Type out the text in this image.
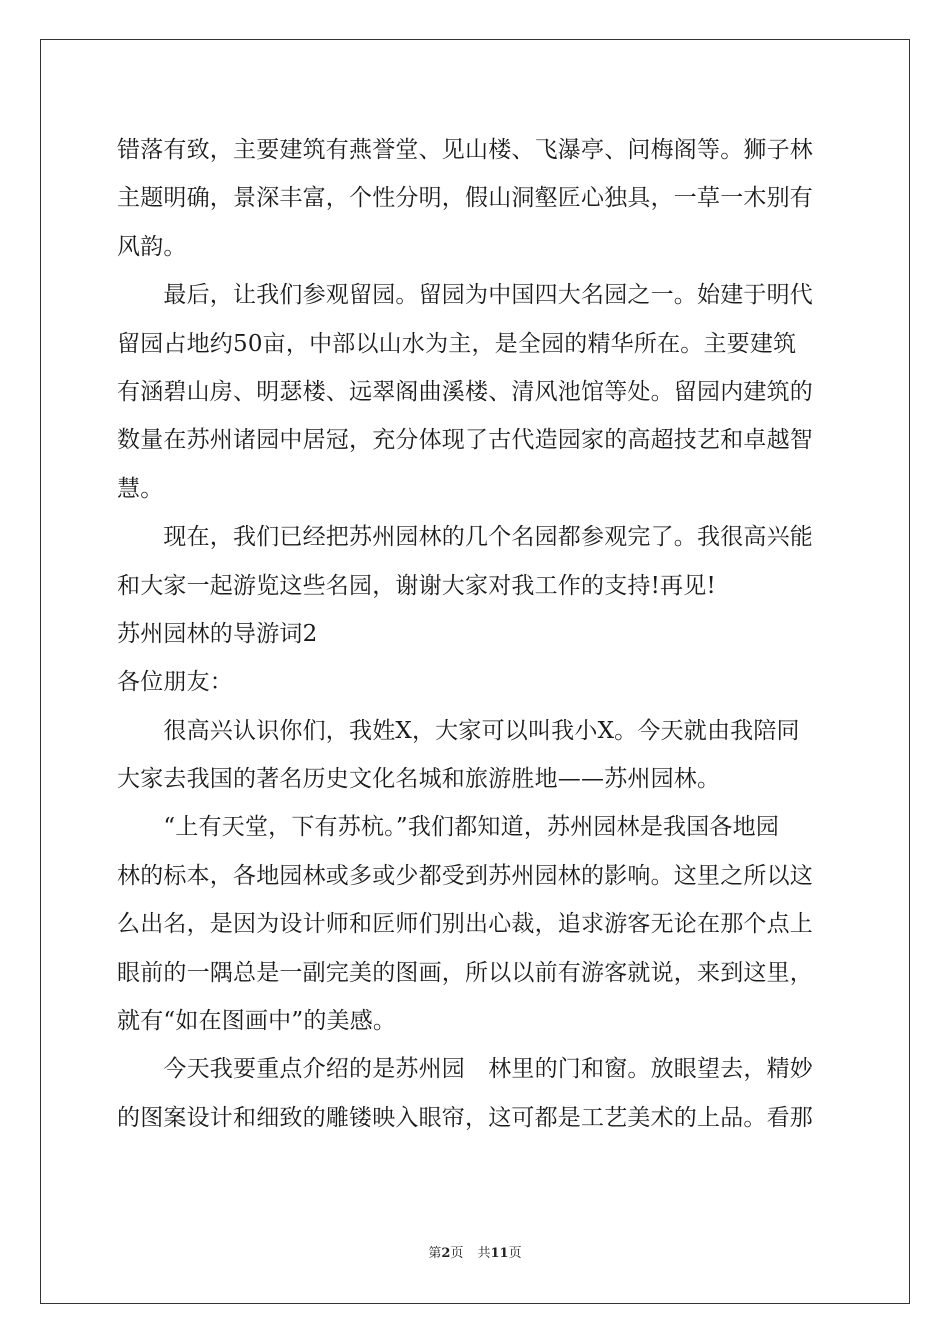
错落有致，主要建筑有燕誉堂、见山楼、飞瀑亭、问梅阁等。狮子林
主题明确，景深丰富，个性分明，假山洞壑匠心独具，一草一木别有
风韵。
　　最后，让我们参观留园。留园为中国四大名园之一。始建于明代
留园占地约50亩，中部以山水为主，是全园的精华所在。主要建筑
有涵碧山房、明瑟楼、远翠阁曲溪楼、清风池馆等处。留园内建筑的
数量在苏州诸园中居冠，充分体现了古代造园家的高超技艺和卓越智
慧。
　　现在，我们已经把苏州园林的几个名园都参观完了。我很高兴能
和大家一起游览这些名园，谢谢大家对我工作的支持!再见!
苏州园林的导游词2
各位朋友：
　　很高兴认识你们，我姓X，大家可以叫我小X。今天就由我陪同
大家去我国的著名历史文化名城和旅游胜地——苏州园林。
　　“上有天堂，下有苏杭。”我们都知道，苏州园林是我国各地园
林的标本，各地园林或多或少都受到苏州园林的影响。这里之所以这
么出名，是因为设计师和匠师们别出心裁，追求游客无论在那个点上
眼前的一隅总是一副完美的图画，所以以前有游客就说，来到这里，
就有“如在图画中”的美感。
　　今天我要重点介绍的是苏州园　林里的门和窗。放眼望去，精妙
的图案设计和细致的雕镂映入眼帘，这可都是工艺美术的上品。看那
第2页 共11页
